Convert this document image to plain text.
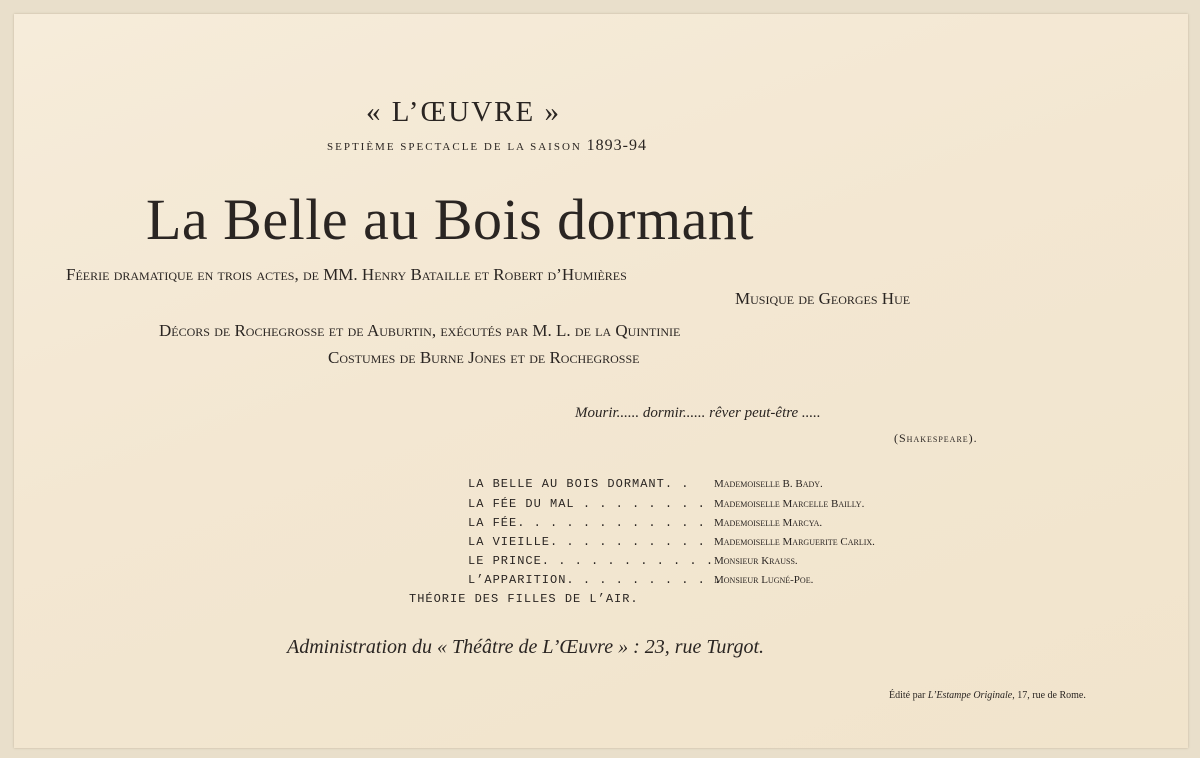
« L’ŒUVRE »
SEPTIÈME SPECTACLE DE LA SAISON 1893-94
La Belle au Bois dormant
Féerie dramatique en trois actes, de MM. Henry Bataille et Robert d’Humières
Musique de Georges Hue
Décors de Rochegrosse et de Auburtin, exécutés par M. L. de la Quintinie
Costumes de Burne Jones et de Rochegrosse
Mourir...... dormir...... rêver peut-être .....
(Shakespeare).
LA BELLE AU BOIS DORMANT. . Mademoiselle B. Bady.
LA FÉE DU MAL . . . . . . . . Mademoiselle Marcelle Bailly.
LA FÉE. . . . . . . . . . . . Mademoiselle Marcya.
LA VIEILLE. . . . . . . . . . Mademoiselle Marguerite Carlix.
LE PRINCE. . . . . . . . . . . Monsieur Krauss.
L’APPARITION. . . . . . . . . .
Monsieur Lugné-Poe.
THÉORIE DES FILLES DE L’AIR.
Administration du « Théâtre de L’Œuvre » : 23, rue Turgot.
Édité par L’Estampe Originale, 17, rue de Rome.
